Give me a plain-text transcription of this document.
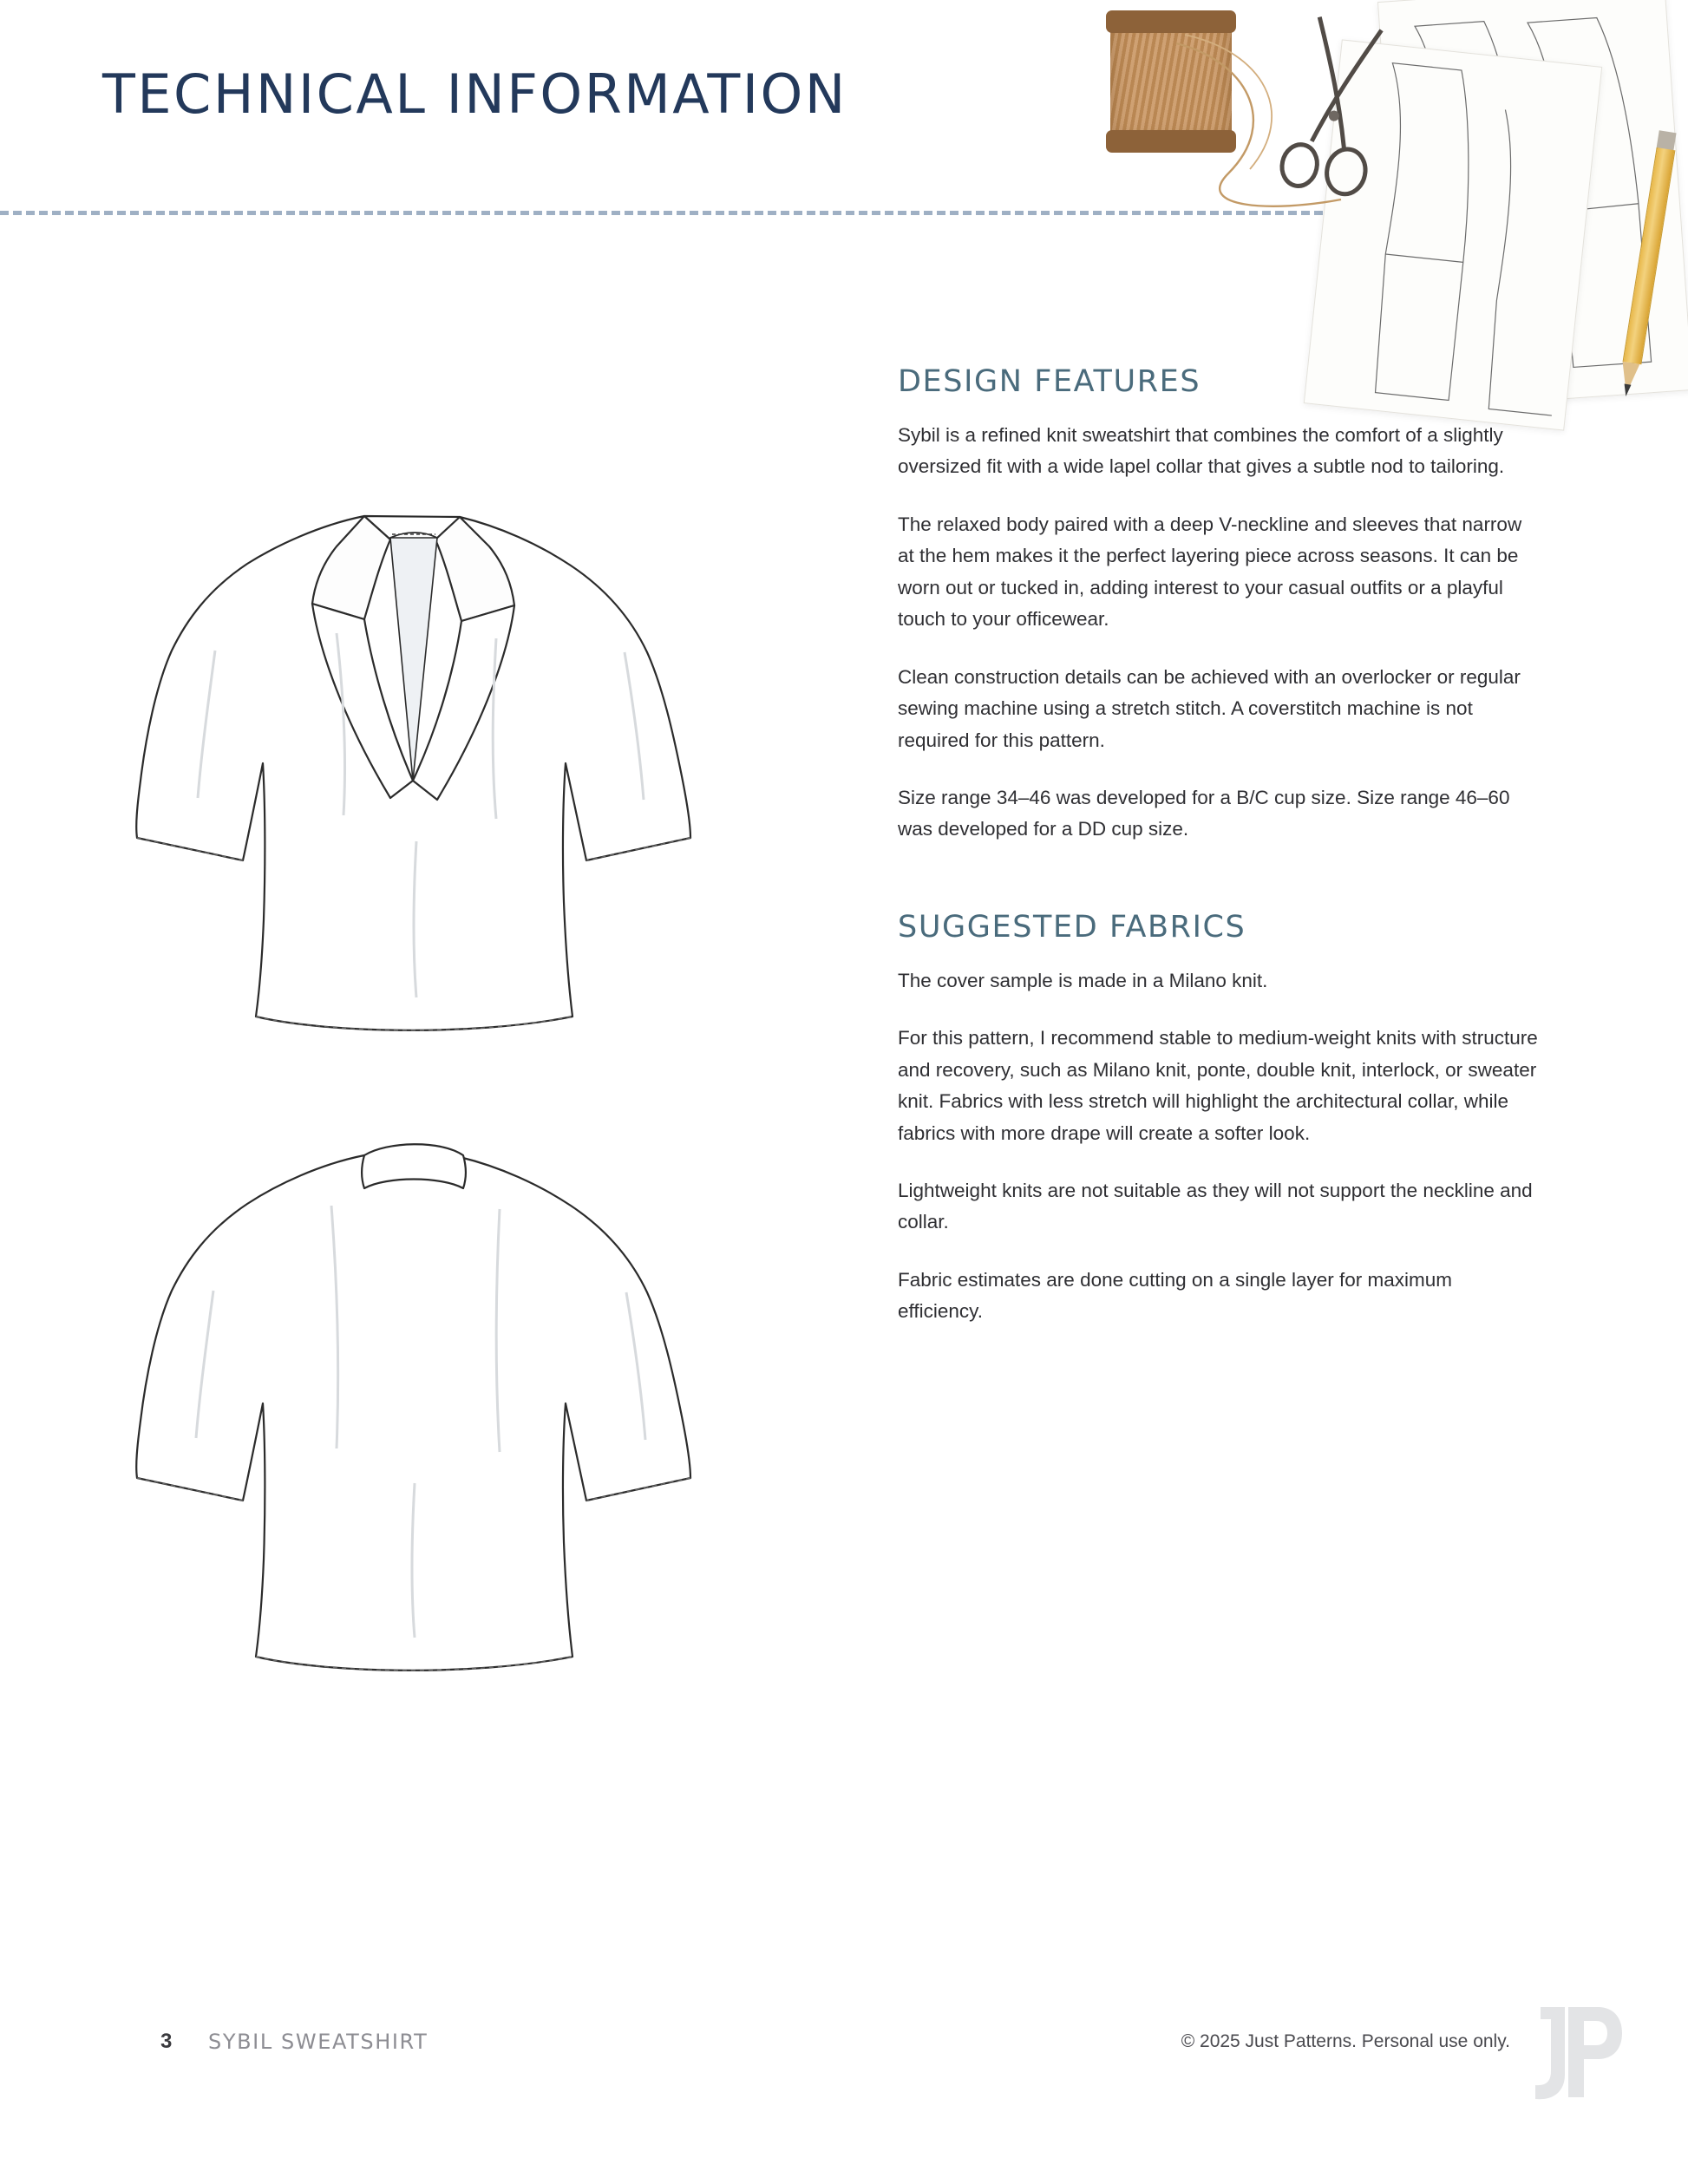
TECHNICAL INFORMATION
DESIGN FEATURES

Sybil is a refined knit sweatshirt that combines the comfort of a slightly oversized fit with a wide lapel collar that gives a subtle nod to tailoring.

The relaxed body paired with a deep V-neckline and sleeves that narrow at the hem makes it the perfect layering piece across seasons. It can be worn out or tucked in, adding interest to your casual outfits or a playful touch to your officewear.

Clean construction details can be achieved with an overlocker or regular sewing machine using a stretch stitch. A coverstitch machine is not required for this pattern.

Size range 34–46 was developed for a B/C cup size. Size range 46–60 was developed for a DD cup size.

SUGGESTED FABRICS

The cover sample is made in a Milano knit.

For this pattern, I recommend stable to medium-weight knits with structure and recovery, such as Milano knit, ponte, double knit, interlock, or sweater knit. Fabrics with less stretch will highlight the architectural collar, while fabrics with more drape will create a softer look.

Lightweight knits are not suitable as they will not support the neckline and collar.

Fabric estimates are done cutting on a single layer for maximum efficiency.

3 SYBIL SWEATSHIRT	© 2025 Just Patterns. Personal use only.
